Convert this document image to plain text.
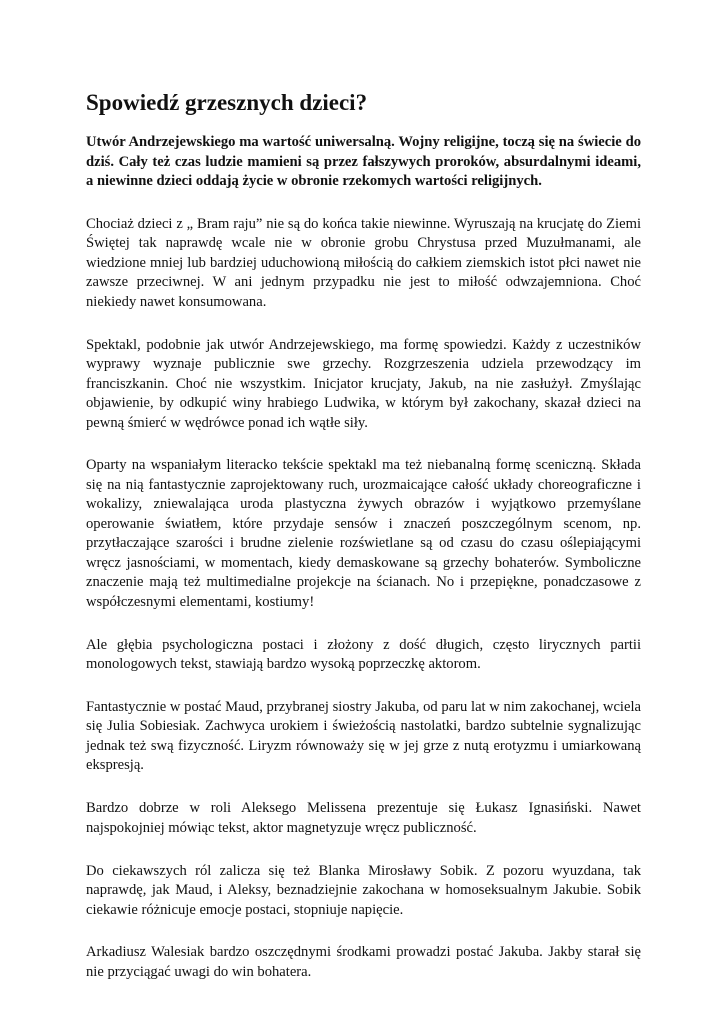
Spowiedź grzesznych dzieci?

Utwór Andrzejewskiego ma wartość uniwersalną. Wojny religijne, toczą się na świecie do dziś. Cały też czas ludzie mamieni są przez fałszywych proroków, absurdalnymi ideami, a niewinne dzieci oddają życie w obronie rzekomych wartości religijnych.

Chociaż dzieci z „ Bram raju” nie są do końca takie niewinne. Wyruszają na krucjatę do Ziemi Świętej tak naprawdę wcale nie w obronie grobu Chrystusa przed Muzułmanami, ale wiedzione mniej lub bardziej uduchowioną miłością do całkiem ziemskich istot płci nawet nie zawsze przeciwnej. W ani jednym przypadku nie jest to miłość odwzajemniona. Choć niekiedy nawet konsumowana.

Spektakl, podobnie jak utwór Andrzejewskiego, ma formę spowiedzi. Każdy z uczestników wyprawy wyznaje publicznie swe grzechy. Rozgrzeszenia udziela przewodzący im franciszkanin. Choć nie wszystkim. Inicjator krucjaty, Jakub, na nie zasłużył. Zmyślając objawienie, by odkupić winy hrabiego Ludwika, w którym był zakochany, skazał dzieci na pewną śmierć w wędrówce ponad ich wątłe siły.

Oparty na wspaniałym literacko tekście spektakl ma też niebanalną formę sceniczną. Składa się na nią fantastycznie zaprojektowany ruch, urozmaicające całość układy choreograficzne i wokalizy, zniewalająca uroda plastyczna żywych obrazów i wyjątkowo przemyślane operowanie światłem, które przydaje sensów i znaczeń poszczególnym scenom, np. przytłaczające szarości i brudne zielenie rozświetlane są od czasu do czasu oślepiającymi wręcz jasnościami, w momentach, kiedy demaskowane są grzechy bohaterów. Symboliczne znaczenie mają też multimedialne projekcje na ścianach. No i przepiękne, ponadczasowe z współczesnymi elementami, kostiumy!

Ale głębia psychologiczna postaci i złożony z dość długich, często lirycznych partii monologowych tekst, stawiają bardzo wysoką poprzeczkę aktorom.

Fantastycznie w postać Maud, przybranej siostry Jakuba, od paru lat w nim zakochanej, wciela się Julia Sobiesiak. Zachwyca urokiem i świeżością nastolatki, bardzo subtelnie sygnalizując jednak też swą fizyczność. Liryzm równoważy się w jej grze z nutą erotyzmu i umiarkowaną ekspresją.

Bardzo dobrze w roli Aleksego Melissena prezentuje się Łukasz Ignasiński. Nawet najspokojniej mówiąc tekst, aktor magnetyzuje wręcz publiczność.

Do ciekawszych ról zalicza się też Blanka Mirosławy Sobik. Z pozoru wyuzdana, tak naprawdę, jak Maud, i Aleksy, beznadziejnie zakochana w homoseksualnym Jakubie. Sobik ciekawie różnicuje emocje postaci, stopniuje napięcie.

Arkadiusz Walesiak bardzo oszczędnymi środkami prowadzi postać Jakuba. Jakby starał się nie przyciągać uwagi do win bohatera.
